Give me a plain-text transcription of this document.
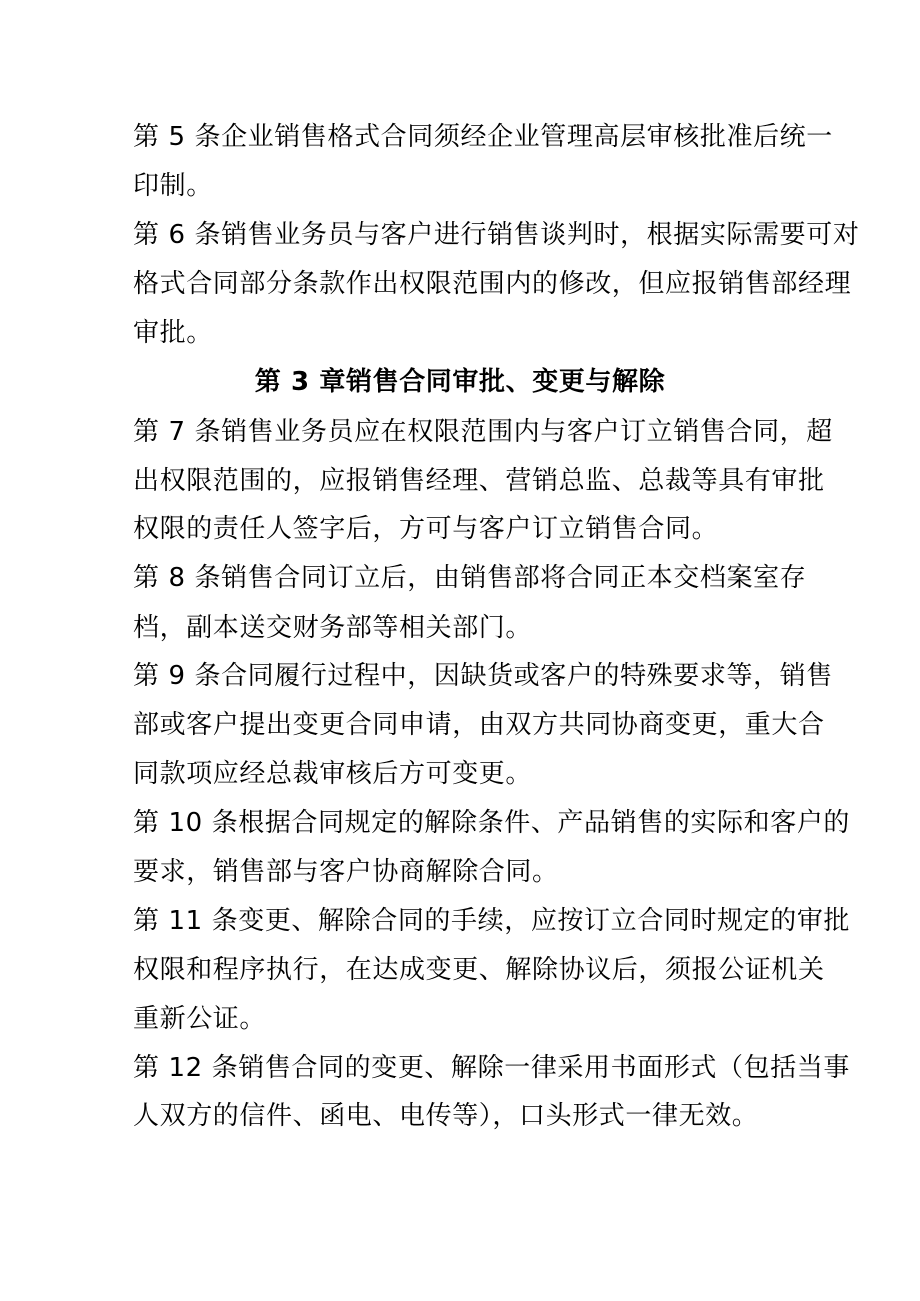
第 5 条企业销售格式合同须经企业管理高层审核批准后统一
印制。
第 6 条销售业务员与客户进行销售谈判时，根据实际需要可对
格式合同部分条款作出权限范围内的修改，但应报销售部经理
审批。
第 3 章销售合同审批、变更与解除
第 7 条销售业务员应在权限范围内与客户订立销售合同，超
出权限范围的，应报销售经理、营销总监、总裁等具有审批
权限的责任人签字后，方可与客户订立销售合同。
第 8 条销售合同订立后，由销售部将合同正本交档案室存
档，副本送交财务部等相关部门。
第 9 条合同履行过程中，因缺货或客户的特殊要求等，销售
部或客户提出变更合同申请，由双方共同协商变更，重大合
同款项应经总裁审核后方可变更。
第 10 条根据合同规定的解除条件、产品销售的实际和客户的
要求，销售部与客户协商解除合同。
第 11 条变更、解除合同的手续，应按订立合同时规定的审批
权限和程序执行，在达成变更、解除协议后，须报公证机关
重新公证。
第 12 条销售合同的变更、解除一律采用书面形式（包括当事
人双方的信件、函电、电传等），口头形式一律无效。
